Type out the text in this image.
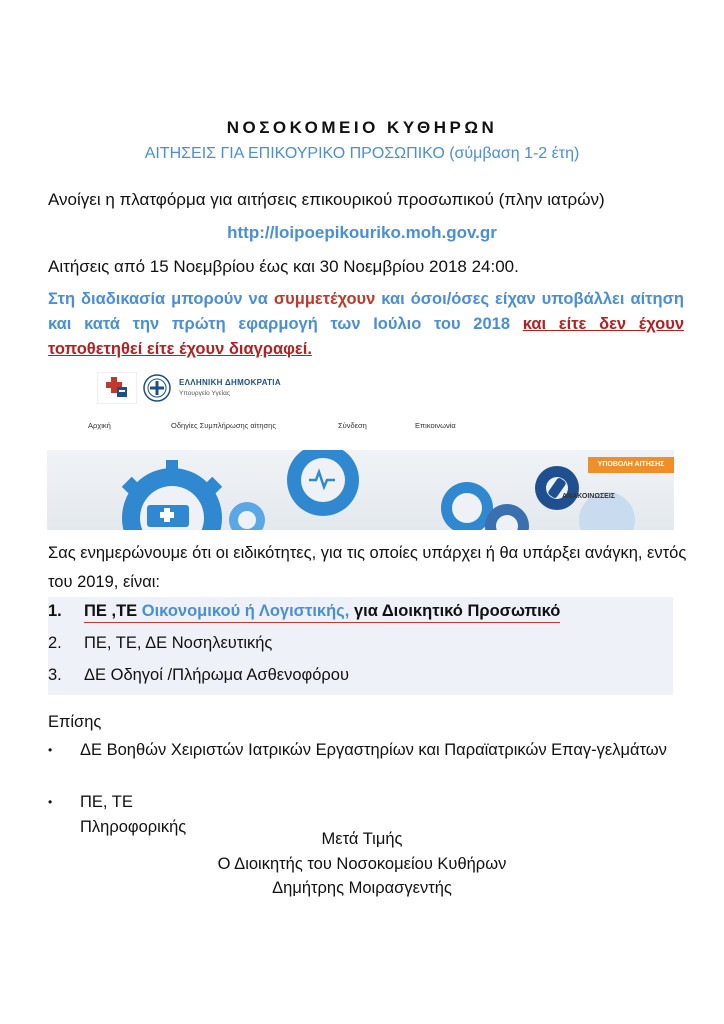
ΝΟΣΟΚΟΜΕΙΟ ΚΥΘΗΡΩΝ
ΑΙΤΗΣΕΙΣ ΓΙΑ ΕΠΙΚΟΥΡΙΚΟ ΠΡΟΣΩΠΙΚΟ (σύμβαση 1-2 έτη)
Ανοίγει η πλατφόρμα για αιτήσεις επικουρικού προσωπικού (πλην ιατρών)
http://loipoepikouriko.moh.gov.gr
Αιτήσεις από 15 Νοεμβρίου έως και 30 Νοεμβρίου 2018 24:00.
Στη διαδικασία μπορούν να συμμετέχουν και όσοι/όσες είχαν υποβάλλει αίτηση και κατά την πρώτη εφαρμογή των Ιούλιο του 2018 και είτε δεν έχουν τοποθετηθεί είτε έχουν διαγραφεί.
ΕΛΛΗΝΙΚΗ ΔΗΜΟΚΡΑΤΙΑ
Υπουργείο Υγείας
Αρχική	Οδηγίες Συμπλήρωσης αίτησης	Σύνδεση	Επικοινωνία
ΥΠΟΒΟΛΗ ΑΙΤΗΣΗΣ
ΑΝΑΚΟΙΝΩΣΕΙΣ
Σας ενημερώνουμε ότι οι ειδικότητες, για τις οποίες υπάρχει ή θα υπάρξει ανάγκη, εντός του 2019, είναι:
1.	ΠΕ ,ΤΕ Οικονομικού ή Λογιστικής, για Διοικητικό Προσωπικό
2.	ΠΕ, ΤΕ, ΔΕ Νοσηλευτικής
3.	ΔΕ Οδηγοί /Πλήρωμα Ασθενοφόρου
Επίσης
•	ΔΕ Βοηθών Χειριστών Ιατρικών Εργαστηρίων και Παραϊατρικών Επαγ-γελμάτων
•	ΠΕ, ΤΕ Πληροφορικής
Μετά Τιμής
Ο Διοικητής του Νοσοκομείου Κυθήρων
Δημήτρης Μοιρασγεντής
